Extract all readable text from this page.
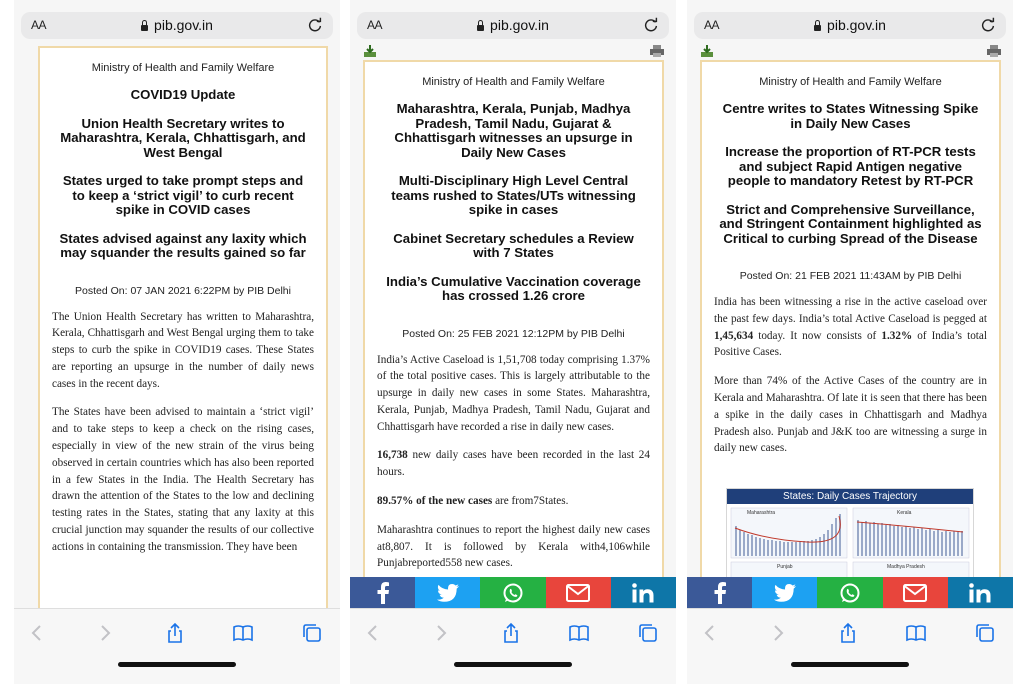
AA	pib.gov.in
Ministry of Health and Family Welfare
COVID19 Update
Union Health Secretary writes to Maharashtra, Kerala, Chhattisgarh, and West Bengal
States urged to take prompt steps and to keep a ‘strict vigil’ to curb recent spike in COVID cases
States advised against any laxity which may squander the results gained so far
Posted On: 07 JAN 2021 6:22PM by PIB Delhi

The Union Health Secretary has written to Maharashtra, Kerala, Chhattisgarh and West Bengal urging them to take steps to curb the spike in COVID19 cases. These States are reporting an upsurge in the number of daily news cases in the recent days.

The States have been advised to maintain a ‘strict vigil’ and to take steps to keep a check on the rising cases, especially in view of the new strain of the virus being observed in certain countries which has also been reported in a few States in the India. The Health Secretary has drawn the attention of the States to the low and declining testing rates in the States, stating that any laxity at this crucial junction may squander the results of our collective actions in containing the transmission. They have been

AA	pib.gov.in
Ministry of Health and Family Welfare
Maharashtra, Kerala, Punjab, Madhya Pradesh, Tamil Nadu, Gujarat & Chhattisgarh witnesses an upsurge in Daily New Cases
Multi-Disciplinary High Level Central teams rushed to States/UTs witnessing spike in cases
Cabinet Secretary schedules a Review with 7 States
India’s Cumulative Vaccination coverage has crossed 1.26 crore
Posted On: 25 FEB 2021 12:12PM by PIB Delhi

India’s Active Caseload is 1,51,708 today comprising 1.37% of the total positive cases. This is largely attributable to the upsurge in daily new cases in some States. Maharashtra, Kerala, Punjab, Madhya Pradesh, Tamil Nadu, Gujarat and Chhattisgarh have recorded a rise in daily new cases.

16,738 new daily cases have been recorded in the last 24 hours.

89.57% of the new cases are from7States.

Maharashtra continues to report the highest daily new cases at8,807. It is followed by Kerala with4,106while Punjabreported558 new cases.

AA	pib.gov.in
Ministry of Health and Family Welfare
Centre writes to States Witnessing Spike in Daily New Cases
Increase the proportion of RT-PCR tests and subject Rapid Antigen negative people to mandatory Retest by RT-PCR
Strict and Comprehensive Surveillance, and Stringent Containment highlighted as Critical to curbing Spread of the Disease
Posted On: 21 FEB 2021 11:43AM by PIB Delhi

India has been witnessing a rise in the active caseload over the past few days. India’s total Active Caseload is pegged at 1,45,634 today. It now consists of 1.32% of India’s total Positive Cases.

More than 74% of the Active Cases of the country are in Kerala and Maharashtra. Of late it is seen that there has been a spike in the daily cases in Chhattisgarh and Madhya Pradesh also. Punjab and J&K too are witnessing a surge in daily new cases.

States: Daily Cases Trajectory
Maharashtra	Kerala
Punjab	Madhya Pradesh
